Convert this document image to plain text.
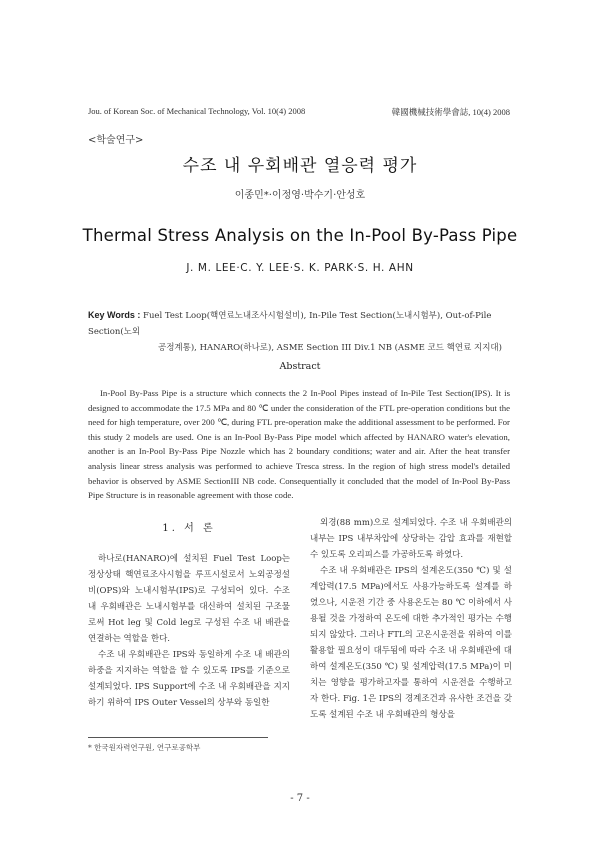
Jou. of Korean Soc. of Mechanical Technology, Vol. 10(4) 2008	韓國機械技術學會誌, 10(4) 2008
<학술연구>
수조 내 우회배관 열응력 평가
이종민*·이정영·박수기·안성호
Thermal Stress Analysis on the In-Pool By-Pass Pipe
J. M. LEE·C. Y. LEE·S. K. PARK·S. H. AHN
Key Words : Fuel Test Loop(핵연료노내조사시험설비), In-Pile Test Section(노내시험부), Out-of-Pile Section(노외
공정계통), HANARO(하나로), ASME Section III Div.1 NB (ASME 코드 핵연료 지지대)
Abstract

In-Pool By-Pass Pipe is a structure which connects the 2 In-Pool Pipes instead of In-Pile Test Section(IPS). It is designed to accommodate the 17.5 MPa and 80 ℃ under the consideration of the FTL pre-operation conditions but the need for high temperature, over 200 ℃, during FTL pre-operation make the additional assessment to be performed. For this study 2 models are used. One is an In-Pool By-Pass Pipe model which affected by HANARO water's elevation, another is an In-Pool By-Pass Pipe Nozzle which has 2 boundary conditions; water and air. After the heat transfer analysis linear stress analysis was performed to achieve Tresca stress. In the region of high stress model's detailed behavior is observed by ASME SectionIII NB code. Consequentially it concluded that the model of In-Pool By-Pass Pipe Structure is in reasonable agreement with those code.

1. 서 론

하나로(HANARO)에 설치된 Fuel Test Loop는 정상상태 핵연료조사시험을 루프시설로서 노외공정설비(OPS)와 노내시험부(IPS)로 구성되어 있다. 수조 내 우회배관은 노내시험부를 대신하여 설치된 구조물로써 Hot leg 및 Cold leg로 구성된 수조 내 배관을 연결하는 역할을 한다.

수조 내 우회배관은 IPS와 동일하게 수조 내 배관의 하중을 지지하는 역할을 할 수 있도록 IPS를 기준으로 설계되었다. IPS Support에 수조 내 우회배관을 지지하기 위하여 IPS Outer Vessel의 상부와 동일한

외경(88 mm)으로 설계되었다. 수조 내 우회배관의 내부는 IPS 내부차압에 상당하는 감압 효과를 재현할 수 있도록 오리피스를 가공하도록 하였다.

수조 내 우회배관은 IPS의 설계온도(350 ℃) 및 설계압력(17.5 MPa)에서도 사용가능하도록 설계를 하였으나, 시운전 기간 중 사용온도는 80 ℃ 이하에서 사용될 것을 가정하여 온도에 대한 추가적인 평가는 수행되지 않았다. 그러나 FTL의 고온시운전을 위하여 이를 활용할 필요성이 대두됨에 따라 수조 내 우회배관에 대하여 설계온도(350 ℃) 및 설계압력(17.5 MPa)이 미치는 영향을 평가하고자를 통하여 시운전을 수행하고자 한다. Fig. 1은 IPS의 경계조건과 유사한 조건을 갖도록 설계된 수조 내 우회배관의 형상을

* 한국원자력연구원, 연구로공학부
- 7 -
